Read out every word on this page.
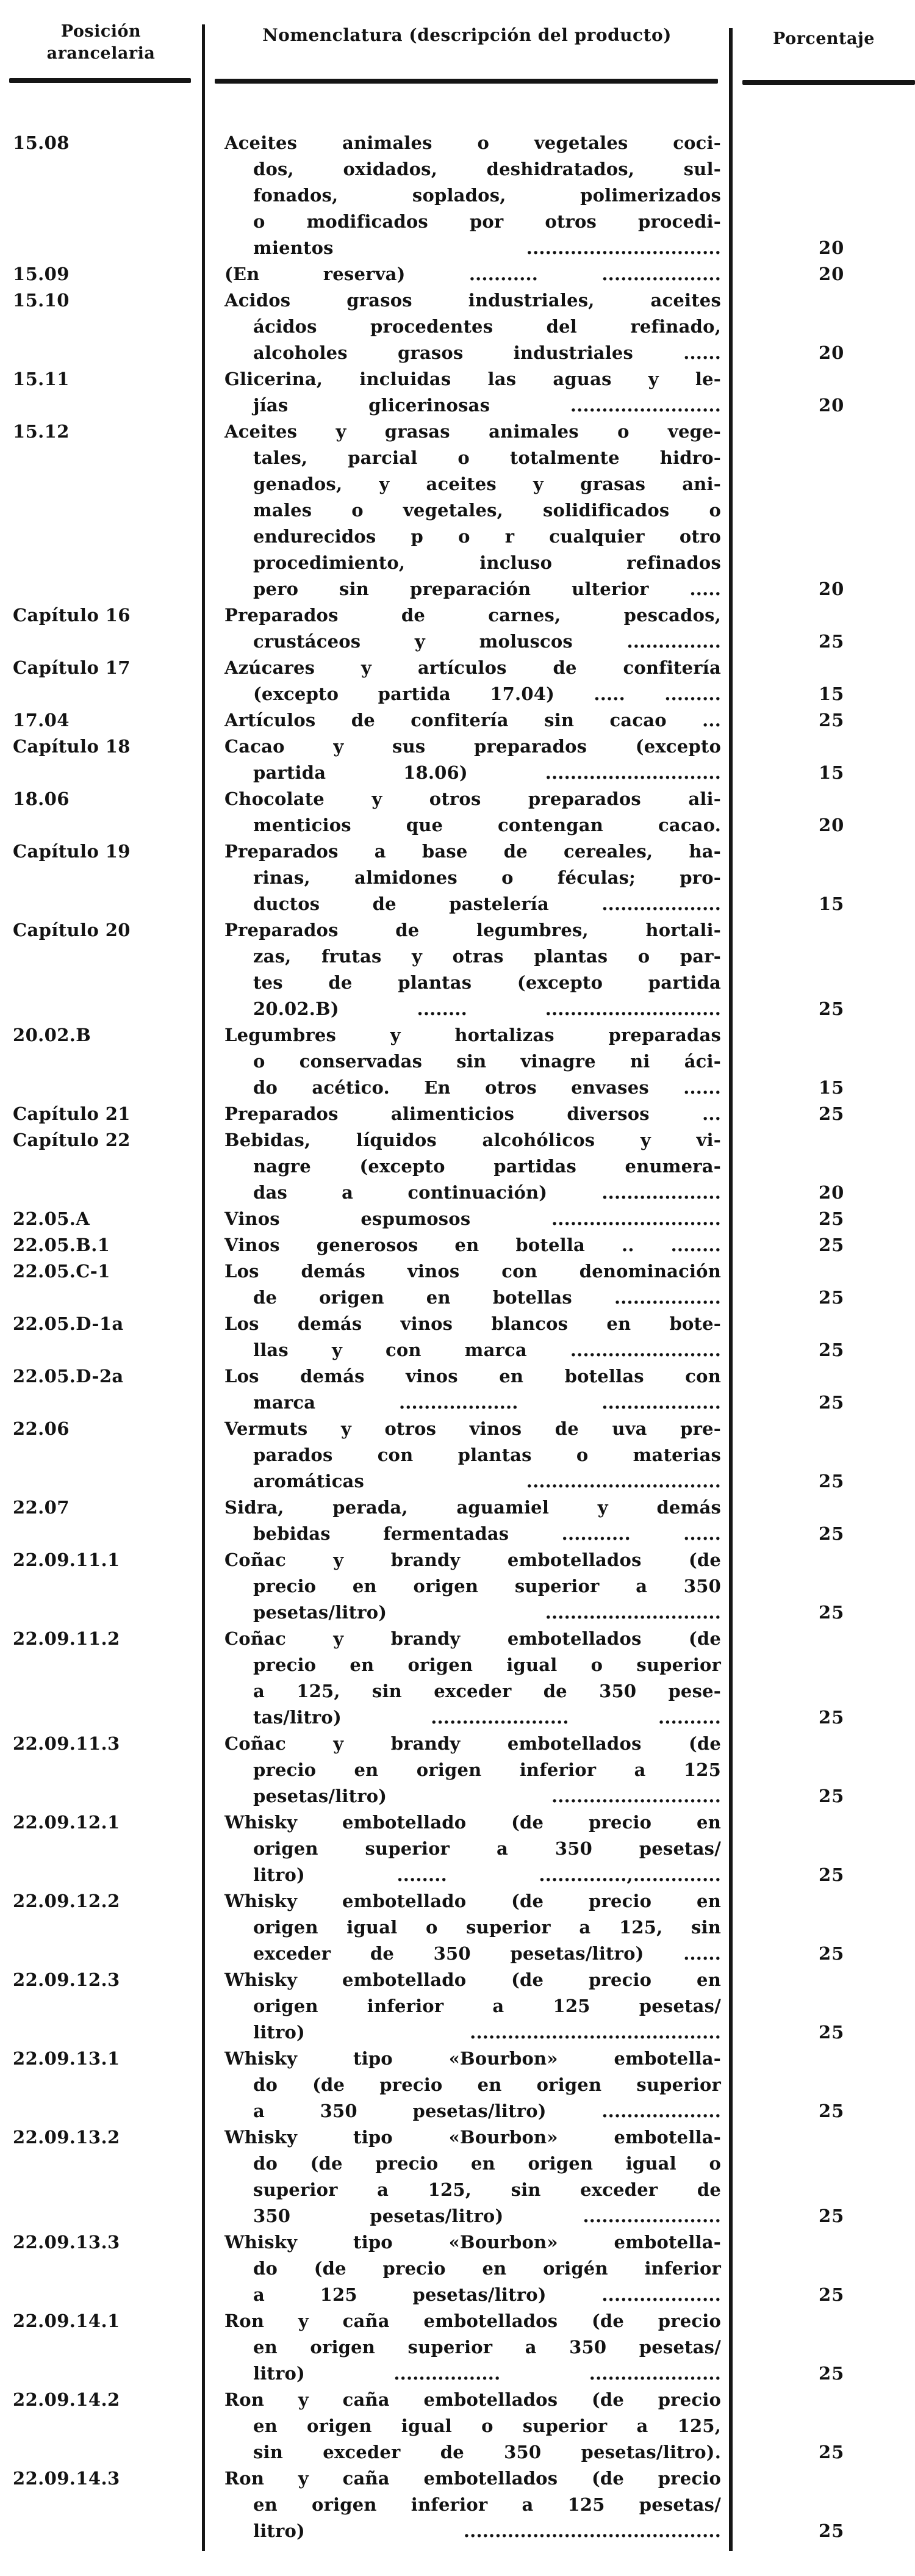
Posición
arancelaria
Nomenclatura (descripción del producto)	Porcentaje
15.08	Aceites animales o vegetales coci-
dos, oxidados, deshidratados, sul-
fonados, soplados, polimerizados
o modificados por otros procedi-
mientos ...............................	20
15.09	(En reserva) ........... ...................	20
15.10	Acidos grasos industriales, aceites
ácidos procedentes del refinado,
alcoholes grasos industriales ......	20
15.11	Glicerina, incluidas las aguas y le-
jías glicerinosas ........................	20
15.12	Aceites y grasas animales o vege-
tales, parcial o totalmente hidro-
genados, y aceites y grasas ani-
males o vegetales, solidificados o
endurecidos p o r cualquier otro
procedimiento, incluso refinados
pero sin preparación ulterior .....	20
Capítulo 16	Preparados de carnes, pescados,
crustáceos y moluscos ...............	25
Capítulo 17	Azúcares y artículos de confitería
(excepto partida 17.04) ..... .........	15
17.04	Artículos de confitería sin cacao ...	25
Capítulo 18	Cacao y sus preparados (excepto
partida 18.06) ............................	15
18.06	Chocolate y otros preparados ali-
menticios que contengan cacao.	20
Capítulo 19	Preparados a base de cereales, ha-
rinas, almidones o féculas; pro-
ductos de pastelería ...................	15
Capítulo 20	Preparados de legumbres, hortali-
zas, frutas y otras plantas o par-
tes de plantas (excepto partida
20.02.B) ........ ............................	25
20.02.B	Legumbres y hortalizas preparadas
o conservadas sin vinagre ni áci-
do acético. En otros envases ......	15
Capítulo 21	Preparados alimenticios diversos ...	25
Capítulo 22	Bebidas, líquidos alcohólicos y vi-
nagre (excepto partidas enumera-
das a continuación) ...................	20
22.05.A	Vinos espumosos ...........................	25
22.05.B.1	Vinos generosos en botella .. ........	25
22.05.C-1	Los demás vinos con denominación
de origen en botellas .................	25
22.05.D-1a	Los demás vinos blancos en bote-
llas y con marca ........................	25
22.05.D-2a	Los demás vinos en botellas con
marca ................... ...................	25
22.06	Vermuts y otros vinos de uva pre-
parados con plantas o materias
aromáticas ...............................	25
22.07	Sidra, perada, aguamiel y demás
bebidas fermentadas ........... ......	25
22.09.11.1	Coñac y brandy embotellados (de
precio en origen superior a 350
pesetas/litro) ............................	25
22.09.11.2	Coñac y brandy embotellados (de
precio en origen igual o superior
a 125, sin exceder de 350 pese-
tas/litro) ...................... ..........	25
22.09.11.3	Coñac y brandy embotellados (de
precio en origen inferior a 125
pesetas/litro) ...........................	25
22.09.12.1	Whisky embotellado (de precio en
origen superior a 350 pesetas/
litro) ........ ..............,..............	25
22.09.12.2	Whisky embotellado (de precio en
origen igual o superior a 125, sin
exceder de 350 pesetas/litro) ......	25
22.09.12.3	Whisky embotellado (de precio en
origen inferior a 125 pesetas/
litro) ........................................	25
22.09.13.1	Whisky tipo «Bourbon» embotella-
do (de precio en origen superior
a 350 pesetas/litro) ...................	25
22.09.13.2	Whisky tipo «Bourbon» embotella-
do (de precio en origen igual o
superior a 125, sin exceder de
350 pesetas/litro) ......................	25
22.09.13.3	Whisky tipo «Bourbon» embotella-
do (de precio en origén inferior
a 125 pesetas/litro) ...................	25
22.09.14.1	Ron y caña embotellados (de precio
en origen superior a 350 pesetas/
litro) ................. .....................	25
22.09.14.2	Ron y caña embotellados (de precio
en origen igual o superior a 125,
sin exceder de 350 pesetas/litro).	25
22.09.14.3	Ron y caña embotellados (de precio
en origen inferior a 125 pesetas/
litro) .........................................	25
